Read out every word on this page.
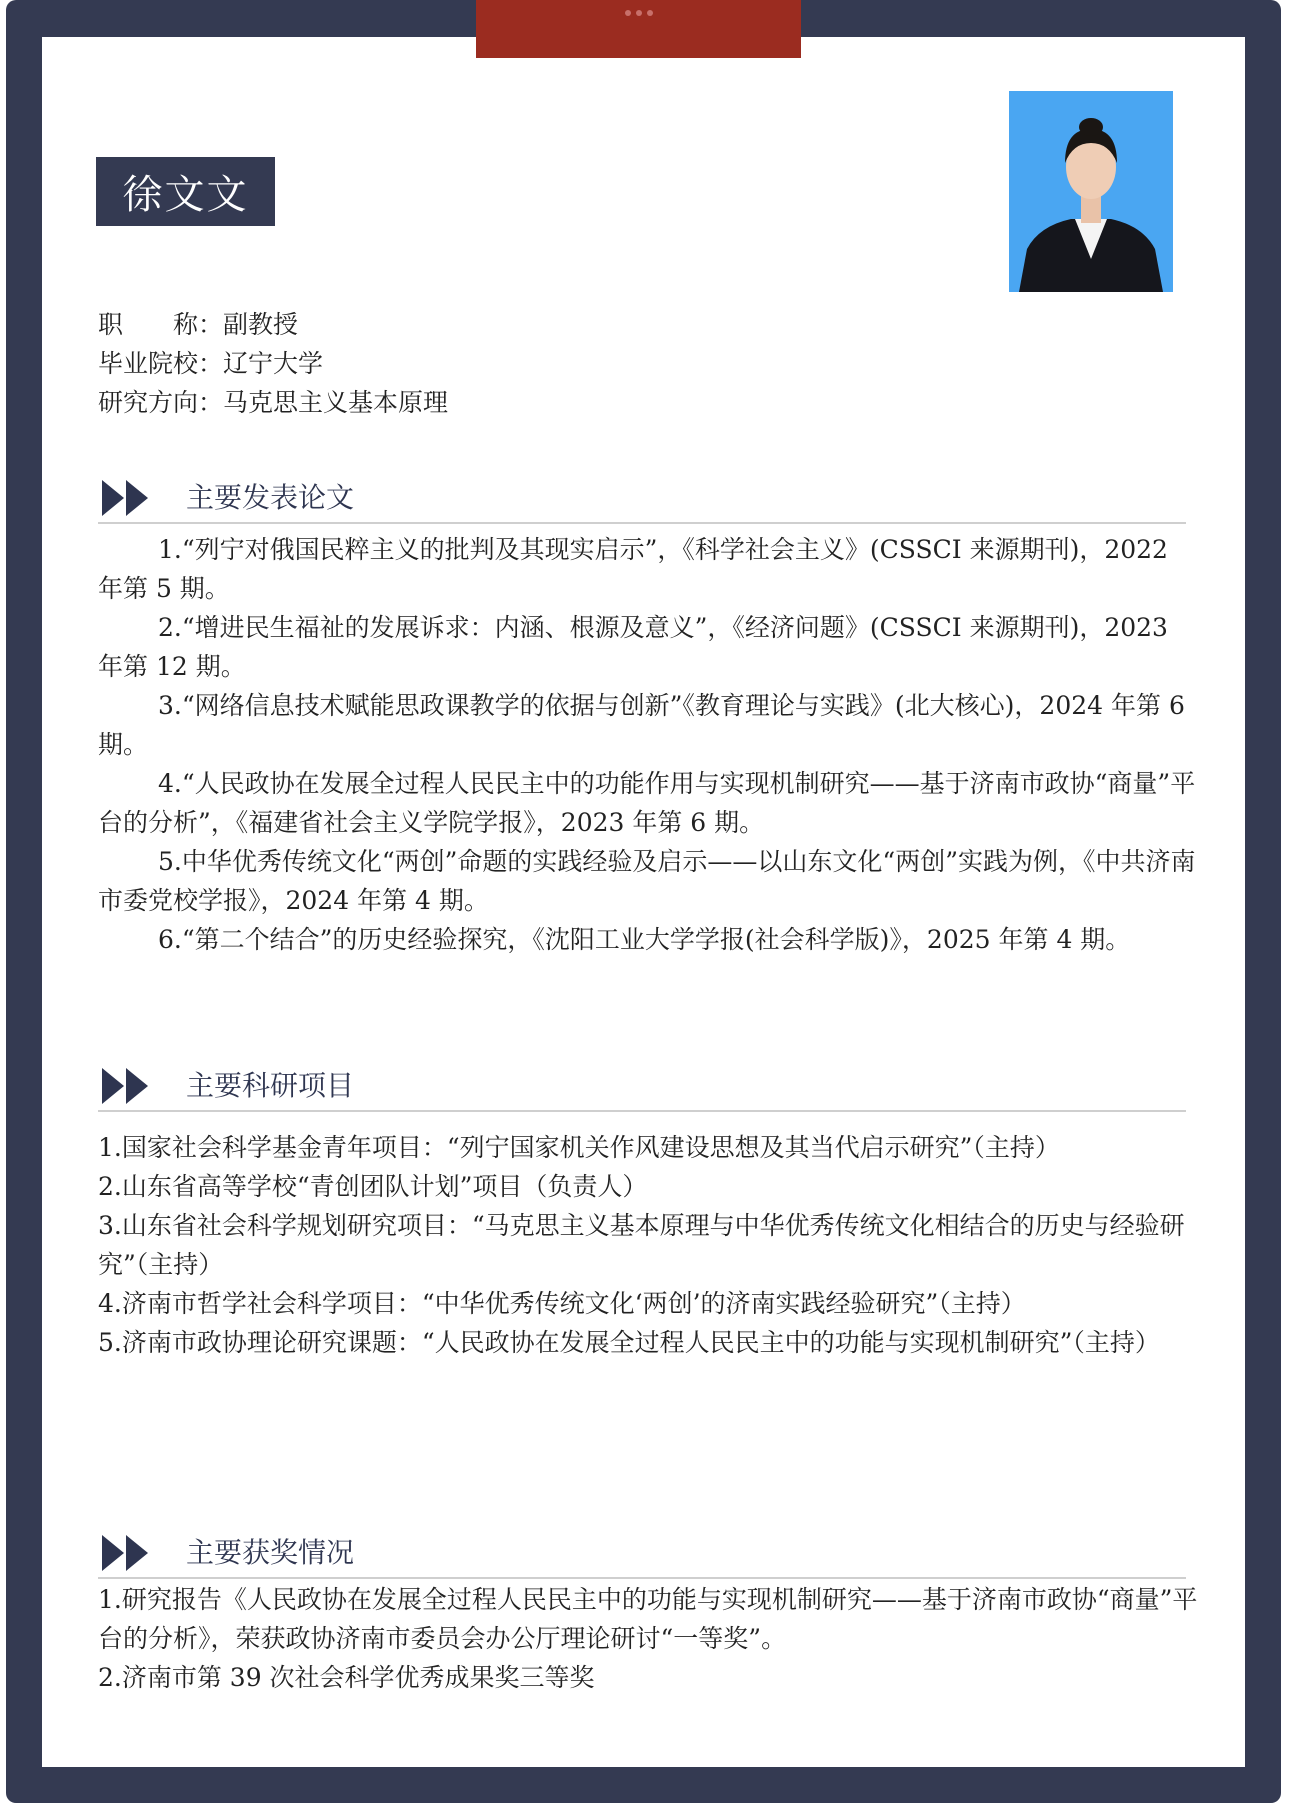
徐文文
职　　称：副教授
毕业院校：辽宁大学
研究方向：马克思主义基本原理
主要发表论文

1.“列宁对俄国民粹主义的批判及其现实启示”，《科学社会主义》(CSSCI 来源期刊)，2022 年第 5 期。

2.“增进民生福祉的发展诉求：内涵、根源及意义”，《经济问题》(CSSCI 来源期刊)，2023 年第 12 期。

3.“网络信息技术赋能思政课教学的依据与创新”《教育理论与实践》(北大核心)，2024 年第 6 期。

4.“人民政协在发展全过程人民民主中的功能作用与实现机制研究——基于济南市政协“商量”平台的分析”，《福建省社会主义学院学报》，2023 年第 6 期。

5.中华优秀传统文化“两创”命题的实践经验及启示——以山东文化“两创”实践为例，《中共济南市委党校学报》，2024 年第 4 期。

6.“第二个结合”的历史经验探究，《沈阳工业大学学报(社会科学版)》，2025 年第 4 期。

主要科研项目

1.国家社会科学基金青年项目：“列宁国家机关作风建设思想及其当代启示研究”（主持）

2.山东省高等学校“青创团队计划”项目（负责人）

3.山东省社会科学规划研究项目：“马克思主义基本原理与中华优秀传统文化相结合的历史与经验研究”（主持）

4.济南市哲学社会科学项目：“中华优秀传统文化‘两创’的济南实践经验研究”（主持）

5.济南市政协理论研究课题：“人民政协在发展全过程人民民主中的功能与实现机制研究”（主持）

主要获奖情况

1.研究报告《人民政协在发展全过程人民民主中的功能与实现机制研究——基于济南市政协“商量”平台的分析》，荣获政协济南市委员会办公厅理论研讨“一等奖”。

2.济南市第 39 次社会科学优秀成果奖三等奖
